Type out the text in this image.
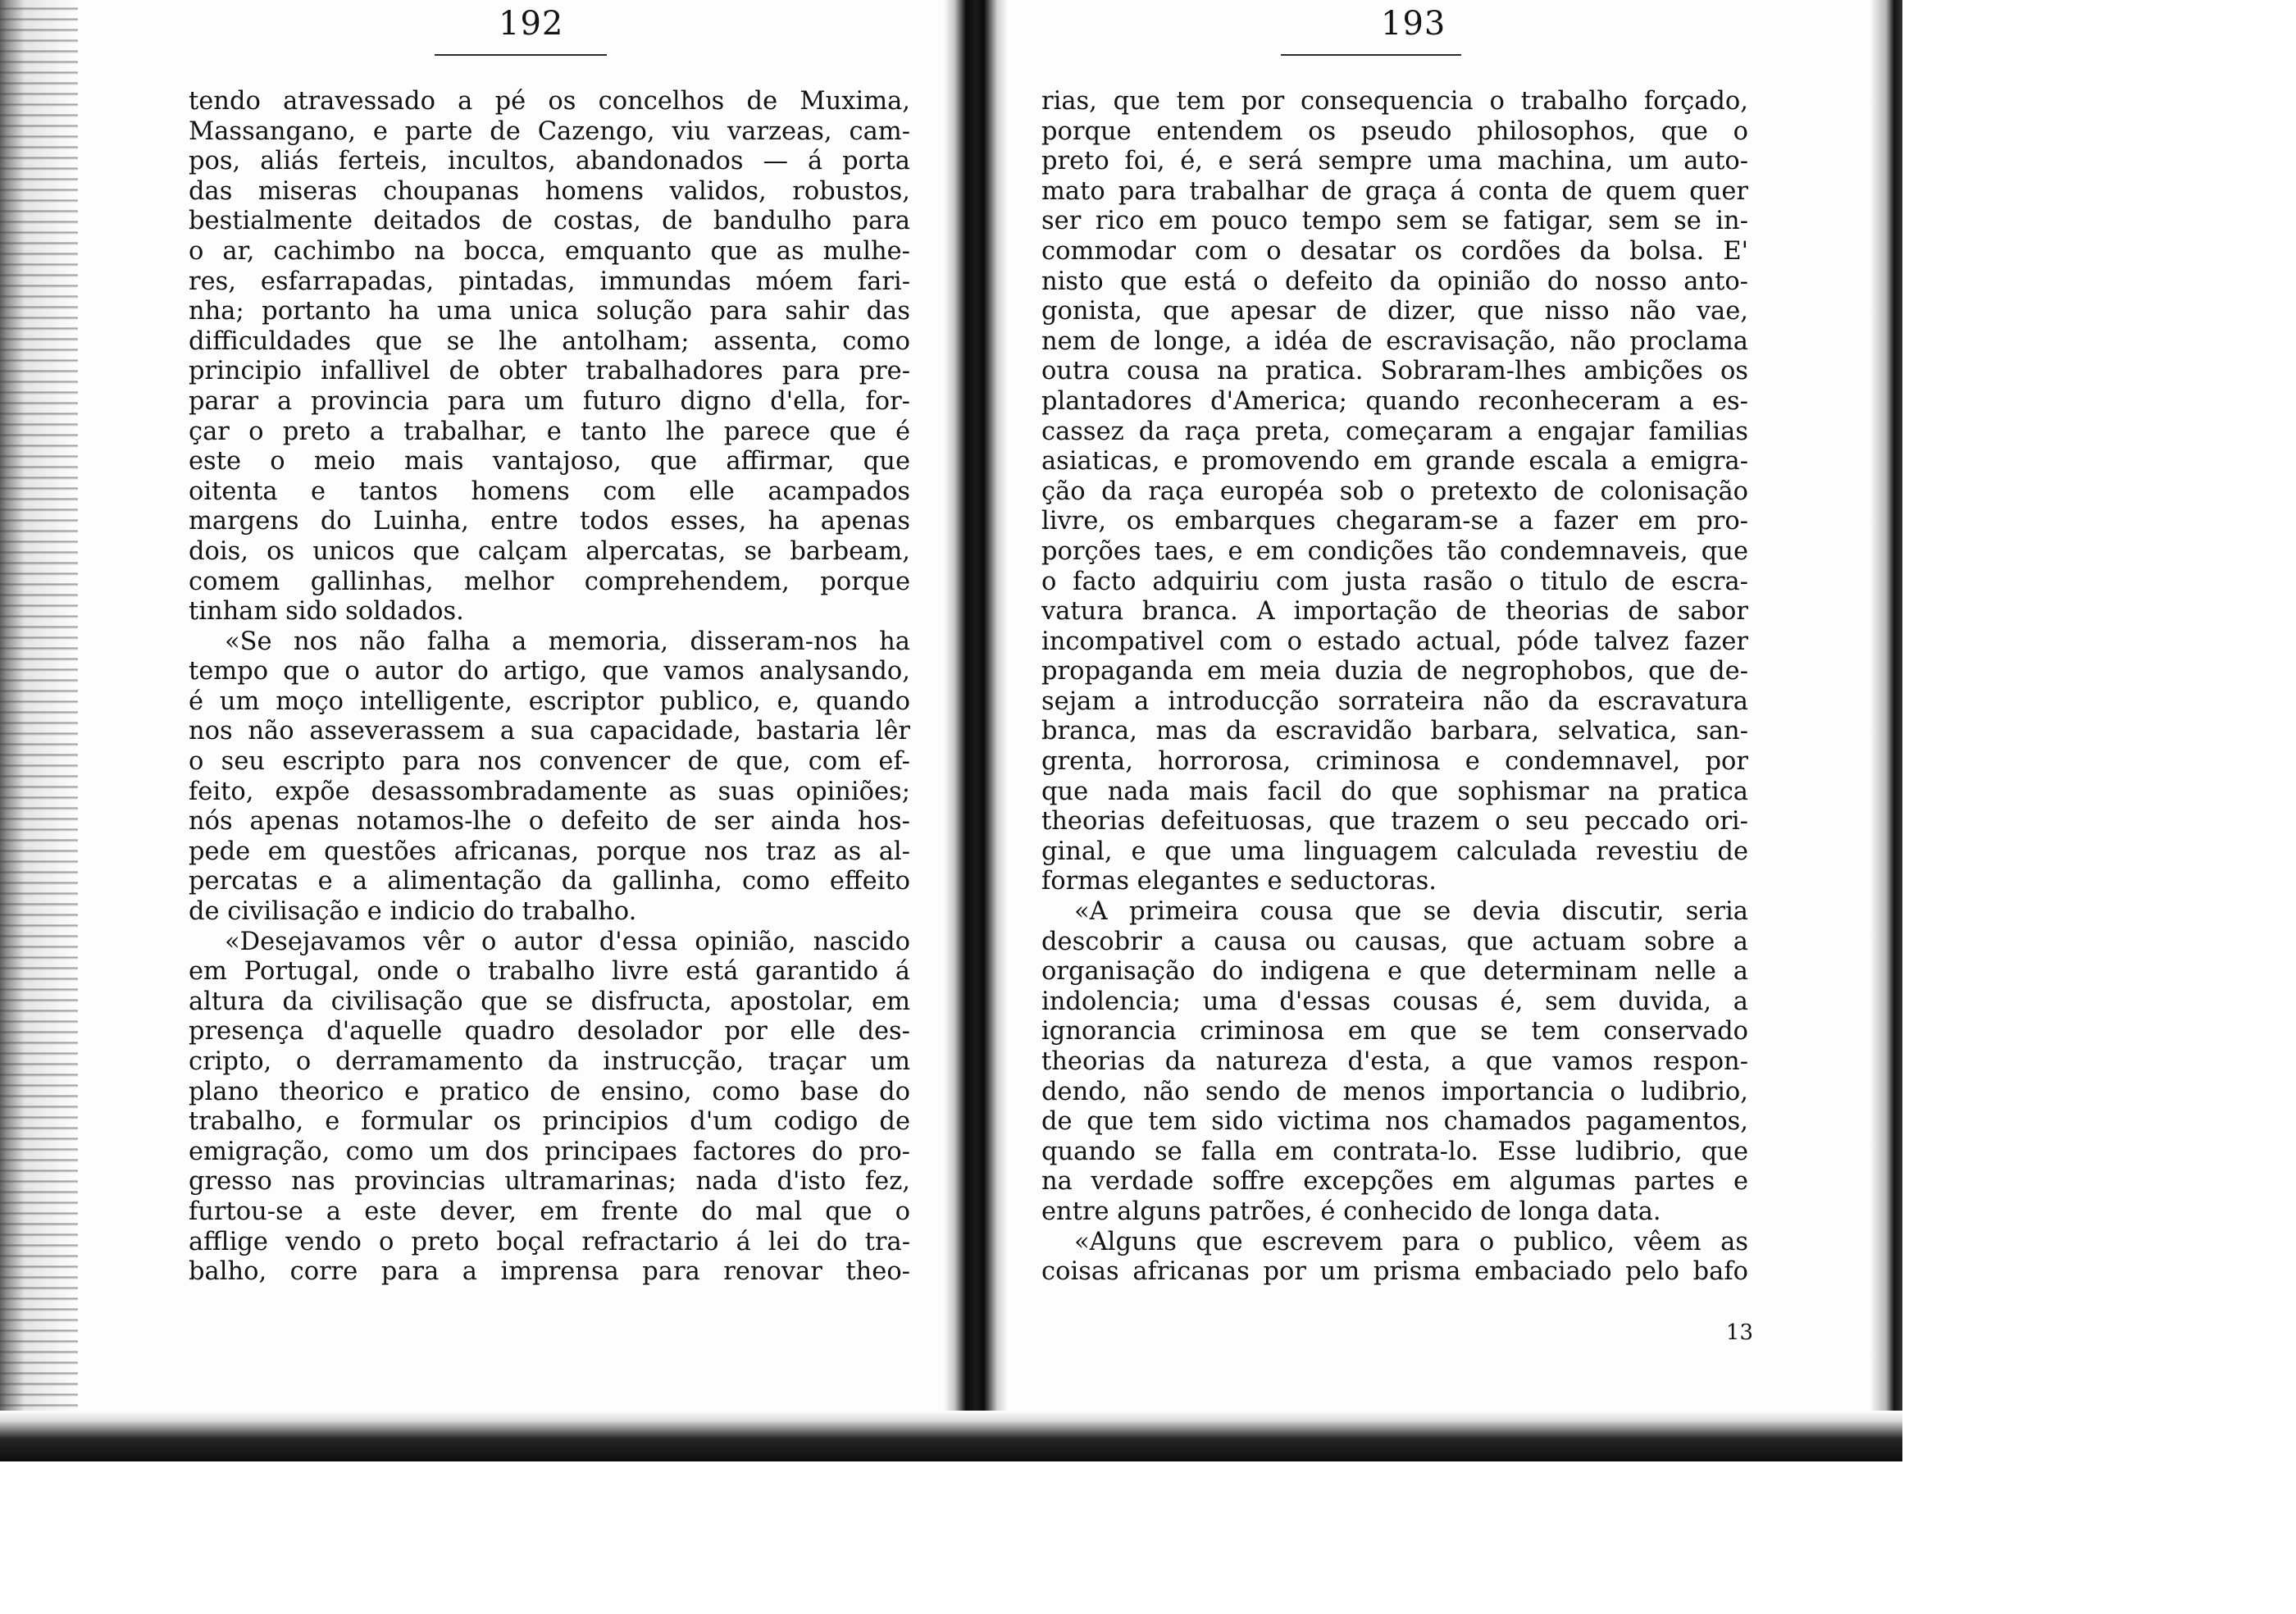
192
tendo atravessado a pé os concelhos de Muxima,
Massangano, e parte de Cazengo, viu varzeas, cam-
pos, aliás ferteis, incultos, abandonados — á porta
das miseras choupanas homens validos, robustos,
bestialmente deitados de costas, de bandulho para
o ar, cachimbo na bocca, emquanto que as mulhe-
res, esfarrapadas, pintadas, immundas móem fari-
nha; portanto ha uma unica solução para sahir das
difficuldades que se lhe antolham; assenta, como
principio infallivel de obter trabalhadores para pre-
parar a provincia para um futuro digno d'ella, for-
çar o preto a trabalhar, e tanto lhe parece que é
este o meio mais vantajoso, que affirmar, que
oitenta e tantos homens com elle acampados
margens do Luinha, entre todos esses, ha apenas
dois, os unicos que calçam alpercatas, se barbeam,
comem gallinhas, melhor comprehendem, porque
tinham sido soldados.
«Se nos não falha a memoria, disseram-nos ha
tempo que o autor do artigo, que vamos analysando,
é um moço intelligente, escriptor publico, e, quando
nos não asseverassem a sua capacidade, bastaria lêr
o seu escripto para nos convencer de que, com ef-
feito, expõe desassombradamente as suas opiniões;
nós apenas notamos-lhe o defeito de ser ainda hos-
pede em questões africanas, porque nos traz as al-
percatas e a alimentação da gallinha, como effeito
de civilisação e indicio do trabalho.
«Desejavamos vêr o autor d'essa opinião, nascido
em Portugal, onde o trabalho livre está garantido á
altura da civilisação que se disfructa, apostolar, em
presença d'aquelle quadro desolador por elle des-
cripto, o derramamento da instrucção, traçar um
plano theorico e pratico de ensino, como base do
trabalho, e formular os principios d'um codigo de
emigração, como um dos principaes factores do pro-
gresso nas provincias ultramarinas; nada d'isto fez,
furtou-se a este dever, em frente do mal que o
afflige vendo o preto boçal refractario á lei do tra-
balho, corre para a imprensa para renovar theo-
193
rias, que tem por consequencia o trabalho forçado,
porque entendem os pseudo philosophos, que o
preto foi, é, e será sempre uma machina, um auto-
mato para trabalhar de graça á conta de quem quer
ser rico em pouco tempo sem se fatigar, sem se in-
commodar com o desatar os cordões da bolsa. E'
nisto que está o defeito da opinião do nosso anto-
gonista, que apesar de dizer, que nisso não vae,
nem de longe, a idéa de escravisação, não proclama
outra cousa na pratica. Sobraram-lhes ambições os
plantadores d'America; quando reconheceram a es-
cassez da raça preta, começaram a engajar familias
asiaticas, e promovendo em grande escala a emigra-
ção da raça européa sob o pretexto de colonisação
livre, os embarques chegaram-se a fazer em pro-
porções taes, e em condições tão condemnaveis, que
o facto adquiriu com justa rasão o titulo de escra-
vatura branca. A importação de theorias de sabor
incompativel com o estado actual, póde talvez fazer
propaganda em meia duzia de negrophobos, que de-
sejam a introducção sorrateira não da escravatura
branca, mas da escravidão barbara, selvatica, san-
grenta, horrorosa, criminosa e condemnavel, por
que nada mais facil do que sophismar na pratica
theorias defeituosas, que trazem o seu peccado ori-
ginal, e que uma linguagem calculada revestiu de
formas elegantes e seductoras.
«A primeira cousa que se devia discutir, seria
descobrir a causa ou causas, que actuam sobre a
organisação do indigena e que determinam nelle a
indolencia; uma d'essas cousas é, sem duvida, a
ignorancia criminosa em que se tem conservado
theorias da natureza d'esta, a que vamos respon-
dendo, não sendo de menos importancia o ludibrio,
de que tem sido victima nos chamados pagamentos,
quando se falla em contrata-lo. Esse ludibrio, que
na verdade soffre excepções em algumas partes e
entre alguns patrões, é conhecido de longa data.
«Alguns que escrevem para o publico, vêem as
coisas africanas por um prisma embaciado pelo bafo
13
